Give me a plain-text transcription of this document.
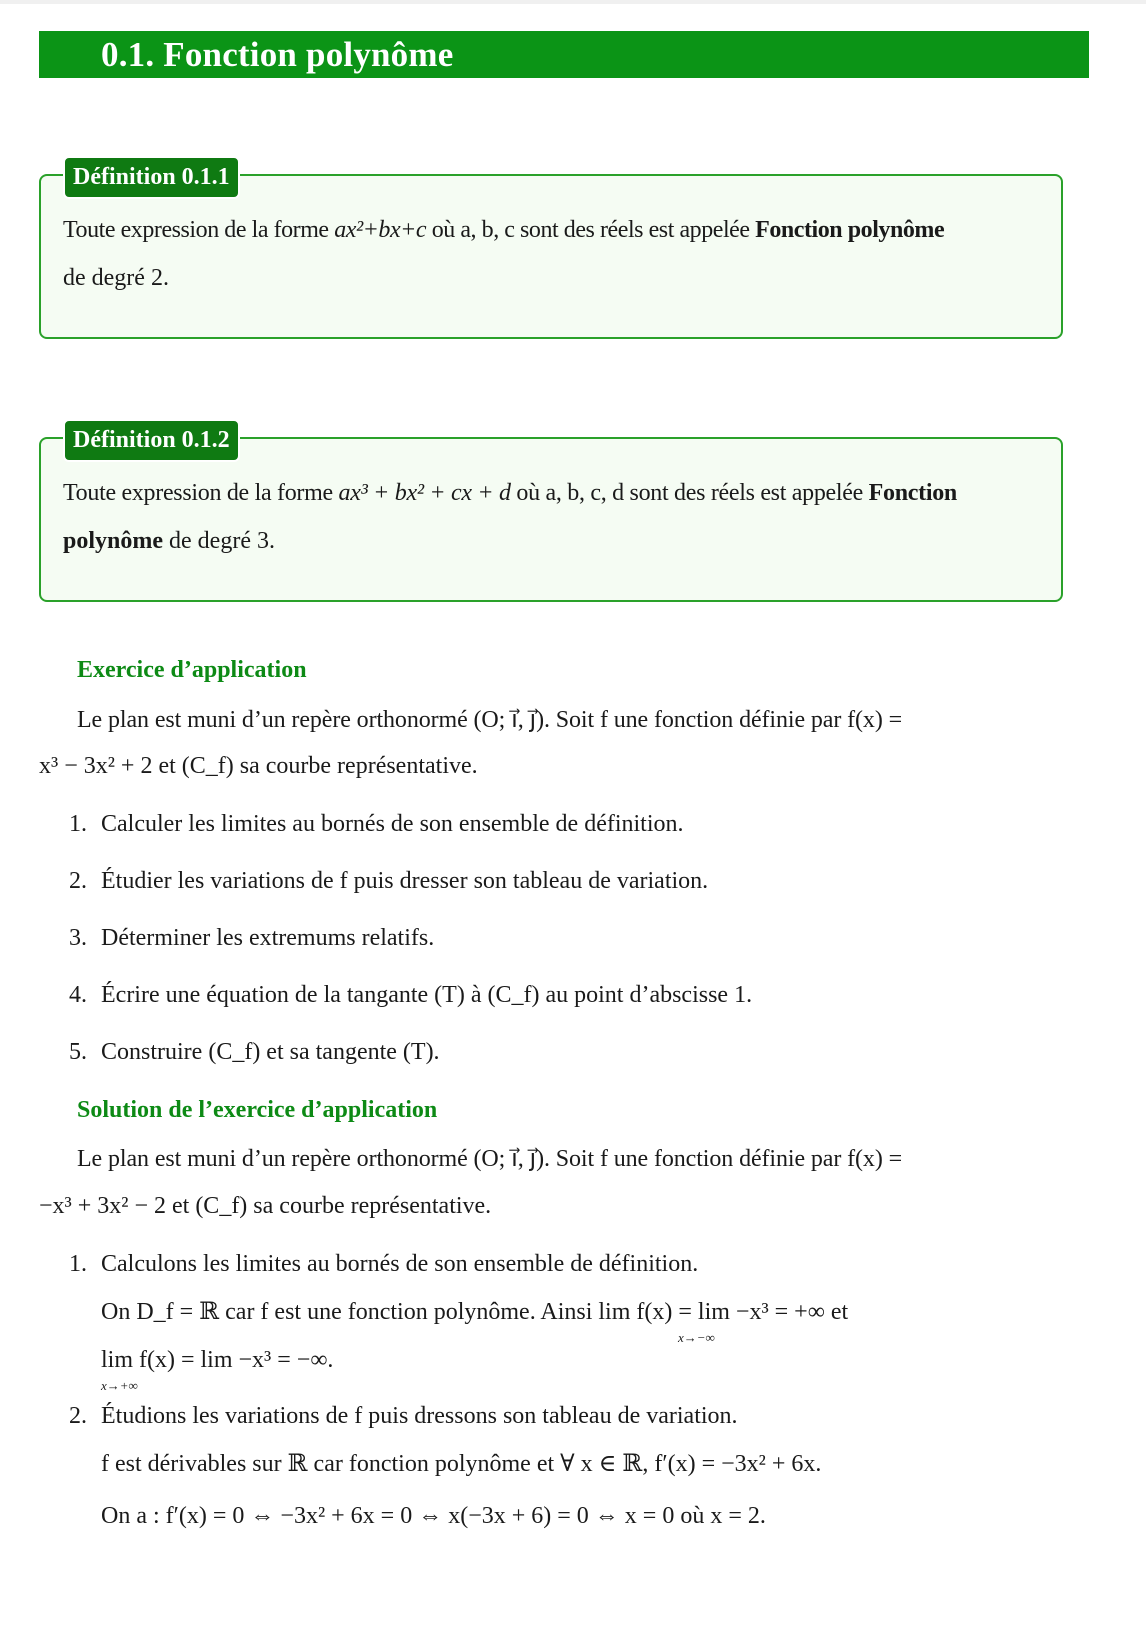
0.1. Fonction polynôme
Définition 0.1.1
Toute expression de la forme ax²+bx+c où a, b, c sont des réels est appelée Fonction polynôme
de degré 2.
Définition 0.1.2
Toute expression de la forme ax³ + bx² + cx + d où a, b, c, d sont des réels est appelée Fonction
polynôme de degré 3.
Exercice d’application
Le plan est muni d’un repère orthonormé (O; i⃗, j⃗). Soit f une fonction définie par f(x) =
x³ − 3x² + 2 et (C_f) sa courbe représentative.
1. Calculer les limites au bornés de son ensemble de définition.
2. Étudier les variations de f puis dresser son tableau de variation.
3. Déterminer les extremums relatifs.
4. Écrire une équation de la tangante (T) à (C_f) au point d’abscisse 1.
5. Construire (C_f) et sa tangente (T).
Solution de l’exercice d’application
Le plan est muni d’un repère orthonormé (O; i⃗, j⃗). Soit f une fonction définie par f(x) =
−x³ + 3x² − 2 et (C_f) sa courbe représentative.
1. Calculons les limites au bornés de son ensemble de définition.
On D_f = ℝ car f est une fonction polynôme. Ainsi lim f(x) = lim −x³ = +∞ et
x→−∞
lim f(x) = lim −x³ = −∞.
x→+∞
2. Étudions les variations de f puis dressons son tableau de variation.
f est dérivables sur ℝ car fonction polynôme et ∀ x ∈ ℝ, f′(x) = −3x² + 6x.
On a : f′(x) = 0 ⇔ −3x² + 6x = 0 ⇔ x(−3x + 6) = 0 ⇔ x = 0 où x = 2.
